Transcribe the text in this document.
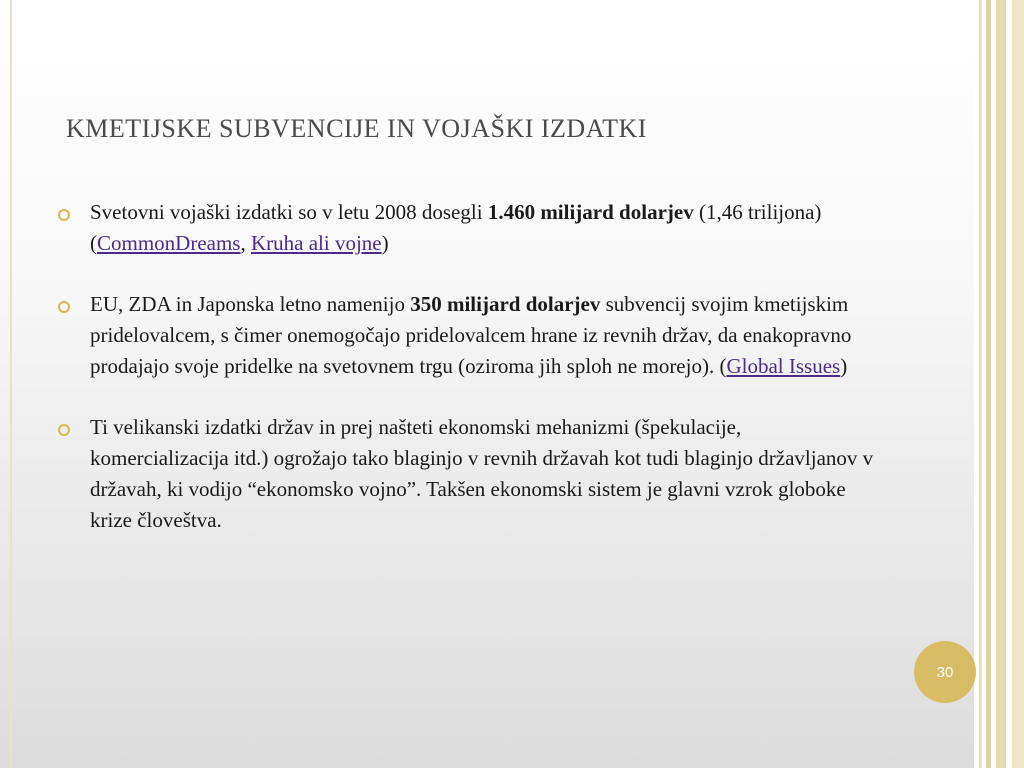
KMETIJSKE SUBVENCIJE IN VOJAŠKI IZDATKI
Svetovni vojaški izdatki so v letu 2008 dosegli 1.460 milijard dolarjev (1,46 trilijona) (CommonDreams, Kruha ali vojne)
EU, ZDA in Japonska letno namenijo 350 milijard dolarjev subvencij svojim kmetijskim pridelovalcem, s čimer onemogočajo pridelovalcem hrane iz revnih držav, da enakopravno prodajajo svoje pridelke na svetovnem trgu (oziroma jih sploh ne morejo). (Global Issues)
Ti velikanski izdatki držav in prej našteti ekonomski mehanizmi (špekulacije, komercializacija itd.) ogrožajo tako blaginjo v revnih državah kot tudi blaginjo državljanov v državah, ki vodijo “ekonomsko vojno”. Takšen ekonomski sistem je glavni vzrok globoke krize človeštva.
30
